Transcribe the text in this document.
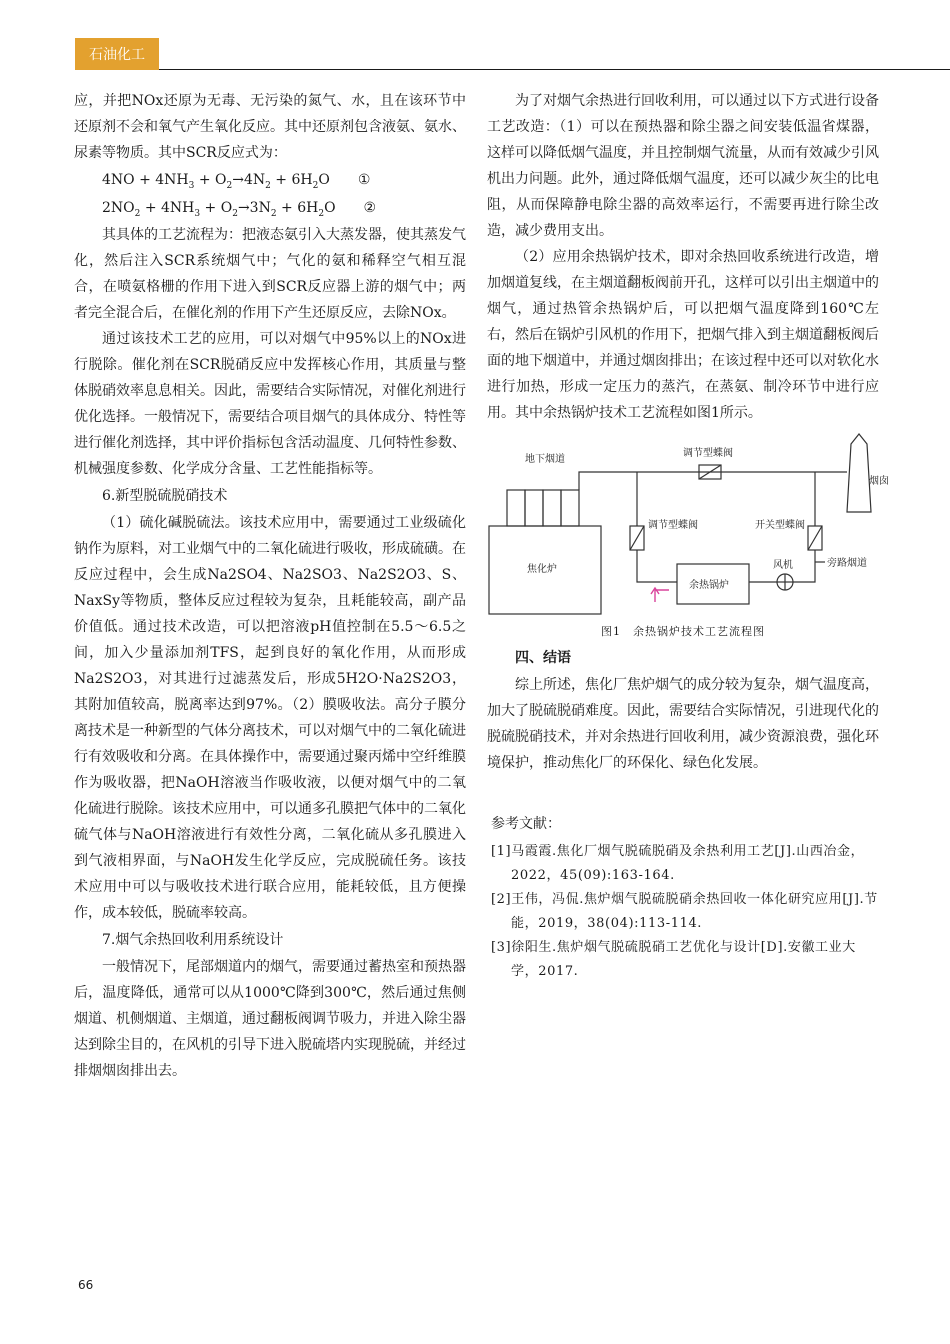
石油化工

应，并把NOx还原为无毒、无污染的氮气、水，且在该环节中还原剂不会和氧气产生氧化反应。其中还原剂包含液氨、氨水、尿素等物质。其中SCR反应式为：

$4NO + 4NH_3 + O_2\to 4N_2 + 6H_2O$ ①

$2NO_2 + 4NH_3 + O_2\to 3N_2 + 6H_2O$ ②

其具体的工艺流程为：把液态氨引入大蒸发器，使其蒸发气化，然后注入SCR系统烟气中；气化的氨和稀释空气相互混合，在喷氨格栅的作用下进入到SCR反应器上游的烟气中；两者完全混合后，在催化剂的作用下产生还原反应，去除NOx。

通过该技术工艺的应用，可以对烟气中95%以上的NOx进行脱除。催化剂在SCR脱硝反应中发挥核心作用，其质量与整体脱硝效率息息相关。因此，需要结合实际情况，对催化剂进行优化选择。一般情况下，需要结合项目烟气的具体成分、特性等进行催化剂选择，其中评价指标包含活动温度、几何特性参数、机械强度参数、化学成分含量、工艺性能指标等。

6.新型脱硫脱硝技术

（1）硫化碱脱硫法。该技术应用中，需要通过工业级硫化钠作为原料，对工业烟气中的二氧化硫进行吸收，形成硫磺。在反应过程中，会生成Na2SO4、Na2SO3、Na2S2O3、S、NaxSy等物质，整体反应过程较为复杂，且耗能较高，副产品价值低。通过技术改造，可以把溶液pH值控制在5.5～6.5之间，加入少量添加剂TFS，起到良好的氧化作用，从而形成Na2S2O3，对其进行过滤蒸发后，形成5H2O·Na2S2O3，其附加值较高，脱离率达到97%。（2）膜吸收法。高分子膜分离技术是一种新型的气体分离技术，可以对烟气中的二氧化硫进行有效吸收和分离。在具体操作中，需要通过聚丙烯中空纤维膜作为吸收器，把NaOH溶液当作吸收液，以便对烟气中的二氧化硫进行脱除。该技术应用中，可以通多孔膜把气体中的二氧化硫气体与NaOH溶液进行有效性分离，二氧化硫从多孔膜进入到气液相界面，与NaOH发生化学反应，完成脱硫任务。该技术应用中可以与吸收技术进行联合应用，能耗较低，且方便操作，成本较低，脱硫率较高。

7.烟气余热回收利用系统设计

一般情况下，尾部烟道内的烟气，需要通过蓄热室和预热器后，温度降低，通常可以从1000℃降到300℃，然后通过焦侧烟道、机侧烟道、主烟道，通过翻板阀调节吸力，并进入除尘器达到除尘目的，在风机的引导下进入脱硫塔内实现脱硫，并经过排烟烟囱排出去。

为了对烟气余热进行回收利用，可以通过以下方式进行设备工艺改造：（1）可以在预热器和除尘器之间安装低温省煤器，这样可以降低烟气温度，并且控制烟气流量，从而有效减少引风机出力问题。此外，通过降低烟气温度，还可以减少灰尘的比电阻，从而保障静电除尘器的高效率运行，不需要再进行除尘改造，减少费用支出。

（2）应用余热锅炉技术，即对余热回收系统进行改造，增加烟道复线，在主烟道翻板阀前开孔，这样可以引出主烟道中的烟气，通过热管余热锅炉后，可以把烟气温度降到160℃左右，然后在锅炉引风机的作用下，把烟气排入到主烟道翻板阀后面的地下烟道中，并通过烟囱排出；在该过程中还可以对软化水进行加热，形成一定压力的蒸汽，在蒸氨、制冷环节中进行应用。其中余热锅炉技术工艺流程如图1所示。

地下烟道
调节型蝶阀
烟囱
焦化炉
调节型蝶阀	开关型蝶阀
风机	旁路烟道
余热锅炉

图1　余热锅炉技术工艺流程图

四、结语

综上所述，焦化厂焦炉烟气的成分较为复杂，烟气温度高，加大了脱硫脱硝难度。因此，需要结合实际情况，引进现代化的脱硫脱硝技术，并对余热进行回收利用，减少资源浪费，强化环境保护，推动焦化厂的环保化、绿色化发展。

参考文献：

[1]马霞霞.焦化厂烟气脱硫脱硝及余热利用工艺[J].山西冶金，2022，45(09):163-164.

[2]王伟，冯侃.焦炉烟气脱硫脱硝余热回收一体化研究应用[J].节能，2019，38(04):113-114.

[3]徐阳生.焦炉烟气脱硫脱硝工艺优化与设计[D].安徽工业大学，2017.

66
